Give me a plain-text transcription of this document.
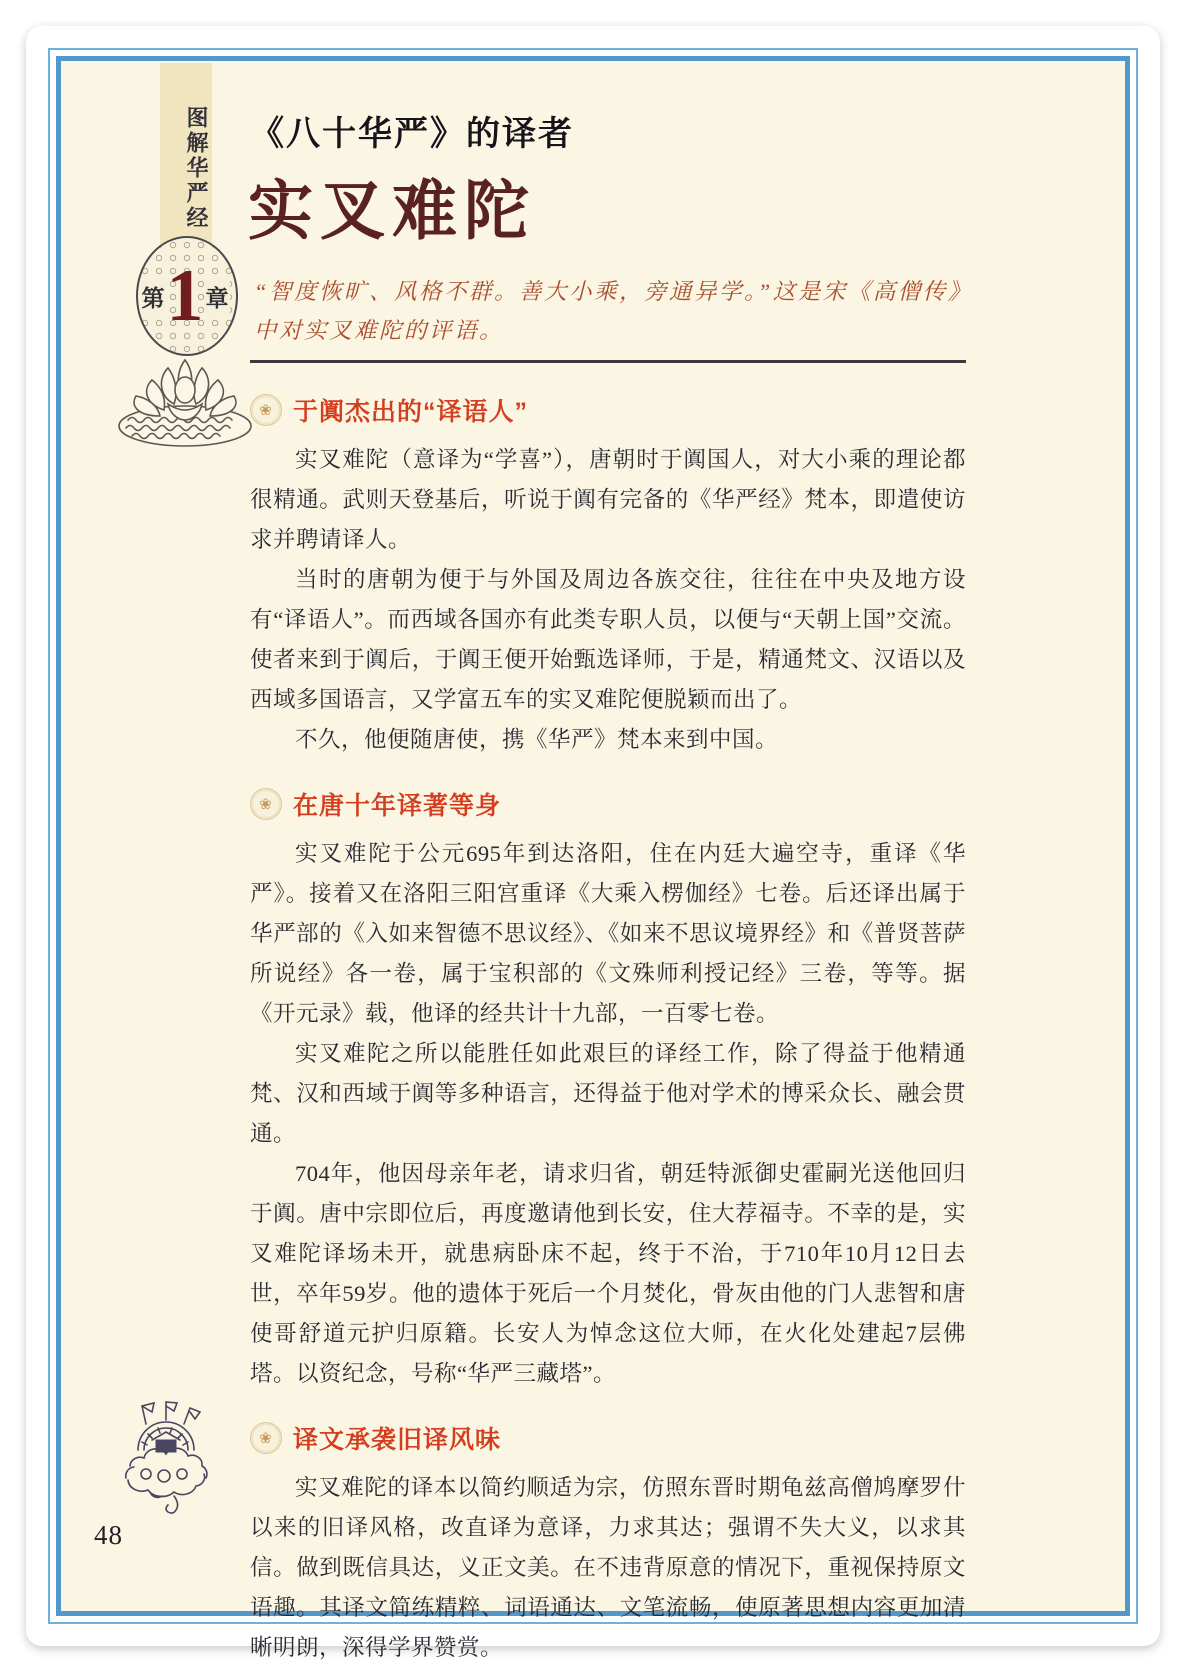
图解华严经
第 1 章
《八十华严》的译者
实叉难陀
“智度恢旷、风格不群。善大小乘，旁通异学。”这是宋《高僧传》中对实叉难陀的评语。
❀ 于阗杰出的“译语人”

实叉难陀（意译为“学喜”），唐朝时于阗国人，对大小乘的理论都很精通。武则天登基后，听说于阗有完备的《华严经》梵本，即遣使访求并聘请译人。

当时的唐朝为便于与外国及周边各族交往，往往在中央及地方设有“译语人”。而西域各国亦有此类专职人员，以便与“天朝上国”交流。使者来到于阗后，于阗王便开始甄选译师，于是，精通梵文、汉语以及西域多国语言，又学富五车的实叉难陀便脱颖而出了。

不久，他便随唐使，携《华严》梵本来到中国。

❀ 在唐十年译著等身

实叉难陀于公元695年到达洛阳，住在内廷大遍空寺，重译《华严》。接着又在洛阳三阳宫重译《大乘入楞伽经》七卷。后还译出属于华严部的《入如来智德不思议经》、《如来不思议境界经》和《普贤菩萨所说经》各一卷，属于宝积部的《文殊师利授记经》三卷，等等。据《开元录》载，他译的经共计十九部，一百零七卷。

实叉难陀之所以能胜任如此艰巨的译经工作，除了得益于他精通梵、汉和西域于阗等多种语言，还得益于他对学术的博采众长、融会贯通。

704年，他因母亲年老，请求归省，朝廷特派御史霍嗣光送他回归于阗。唐中宗即位后，再度邀请他到长安，住大荐福寺。不幸的是，实叉难陀译场未开，就患病卧床不起，终于不治，于710年10月12日去世，卒年59岁。他的遗体于死后一个月焚化，骨灰由他的门人悲智和唐使哥舒道元护归原籍。长安人为悼念这位大师，在火化处建起7层佛塔。以资纪念，号称“华严三藏塔”。

❀ 译文承袭旧译风味

实叉难陀的译本以简约顺适为宗，仿照东晋时期龟兹高僧鸠摩罗什以来的旧译风格，改直译为意译，力求其达；强谓不失大义，以求其信。做到既信具达，义正文美。在不违背原意的情况下，重视保持原文语趣。其译文简练精粹、词语通达、文笔流畅，使原著思想内容更加清晰明朗，深得学界赞赏。

48
